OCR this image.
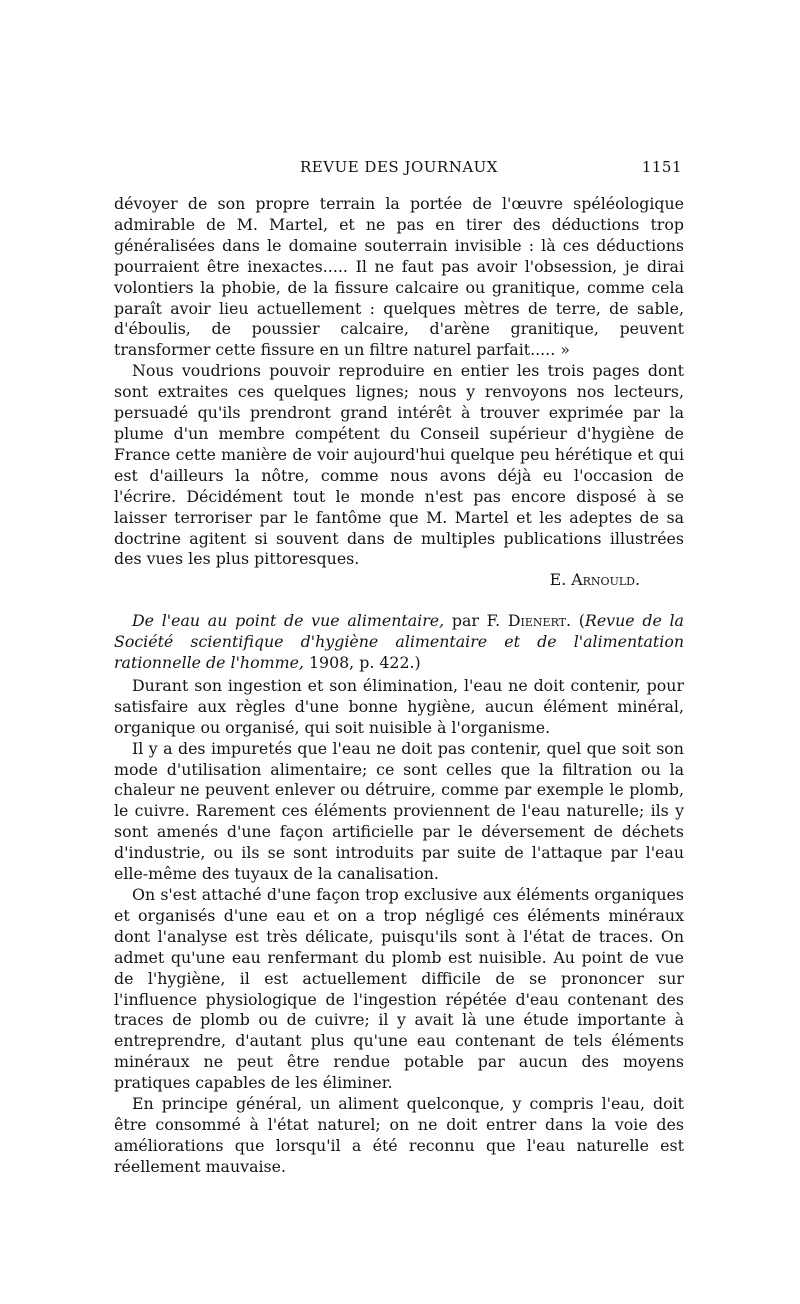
REVUE DES JOURNAUX	1151

dévoyer de son propre terrain la portée de l'œuvre spéléologique admirable de M. Martel, et ne pas en tirer des déductions trop généralisées dans le domaine souterrain invisible : là ces déductions pourraient être inexactes..... Il ne faut pas avoir l'obsession, je dirai volontiers la phobie, de la fissure calcaire ou granitique, comme cela paraît avoir lieu actuellement : quelques mètres de terre, de sable, d'éboulis, de poussier calcaire, d'arène granitique, peuvent transformer cette fissure en un filtre naturel parfait..... »

Nous voudrions pouvoir reproduire en entier les trois pages dont sont extraites ces quelques lignes; nous y renvoyons nos lecteurs, persuadé qu'ils prendront grand intérêt à trouver exprimée par la plume d'un membre compétent du Conseil supérieur d'hygiène de France cette manière de voir aujourd'hui quelque peu hérétique et qui est d'ailleurs la nôtre, comme nous avons déjà eu l'occasion de l'écrire. Décidément tout le monde n'est pas encore disposé à se laisser terroriser par le fantôme que M. Martel et les adeptes de sa doctrine agitent si souvent dans de multiples publications illustrées des vues les plus pittoresques.

E. Arnould.

De l'eau au point de vue alimentaire, par F. Dienert. (Revue de la Société scientifique d'hygiène alimentaire et de l'alimentation rationnelle de l'homme, 1908, p. 422.)

Durant son ingestion et son élimination, l'eau ne doit contenir, pour satisfaire aux règles d'une bonne hygiène, aucun élément minéral, organique ou organisé, qui soit nuisible à l'organisme.

Il y a des impuretés que l'eau ne doit pas contenir, quel que soit son mode d'utilisation alimentaire; ce sont celles que la filtration ou la chaleur ne peuvent enlever ou détruire, comme par exemple le plomb, le cuivre. Rarement ces éléments proviennent de l'eau naturelle; ils y sont amenés d'une façon artificielle par le déversement de déchets d'industrie, ou ils se sont introduits par suite de l'attaque par l'eau elle-même des tuyaux de la canalisation.

On s'est attaché d'une façon trop exclusive aux éléments organiques et organisés d'une eau et on a trop négligé ces éléments minéraux dont l'analyse est très délicate, puisqu'ils sont à l'état de traces. On admet qu'une eau renfermant du plomb est nuisible. Au point de vue de l'hygiène, il est actuellement difficile de se prononcer sur l'influence physiologique de l'ingestion répétée d'eau contenant des traces de plomb ou de cuivre; il y avait là une étude importante à entreprendre, d'autant plus qu'une eau contenant de tels éléments minéraux ne peut être rendue potable par aucun des moyens pratiques capables de les éliminer.

En principe général, un aliment quelconque, y compris l'eau, doit être consommé à l'état naturel; on ne doit entrer dans la voie des améliorations que lorsqu'il a été reconnu que l'eau naturelle est réellement mauvaise.
